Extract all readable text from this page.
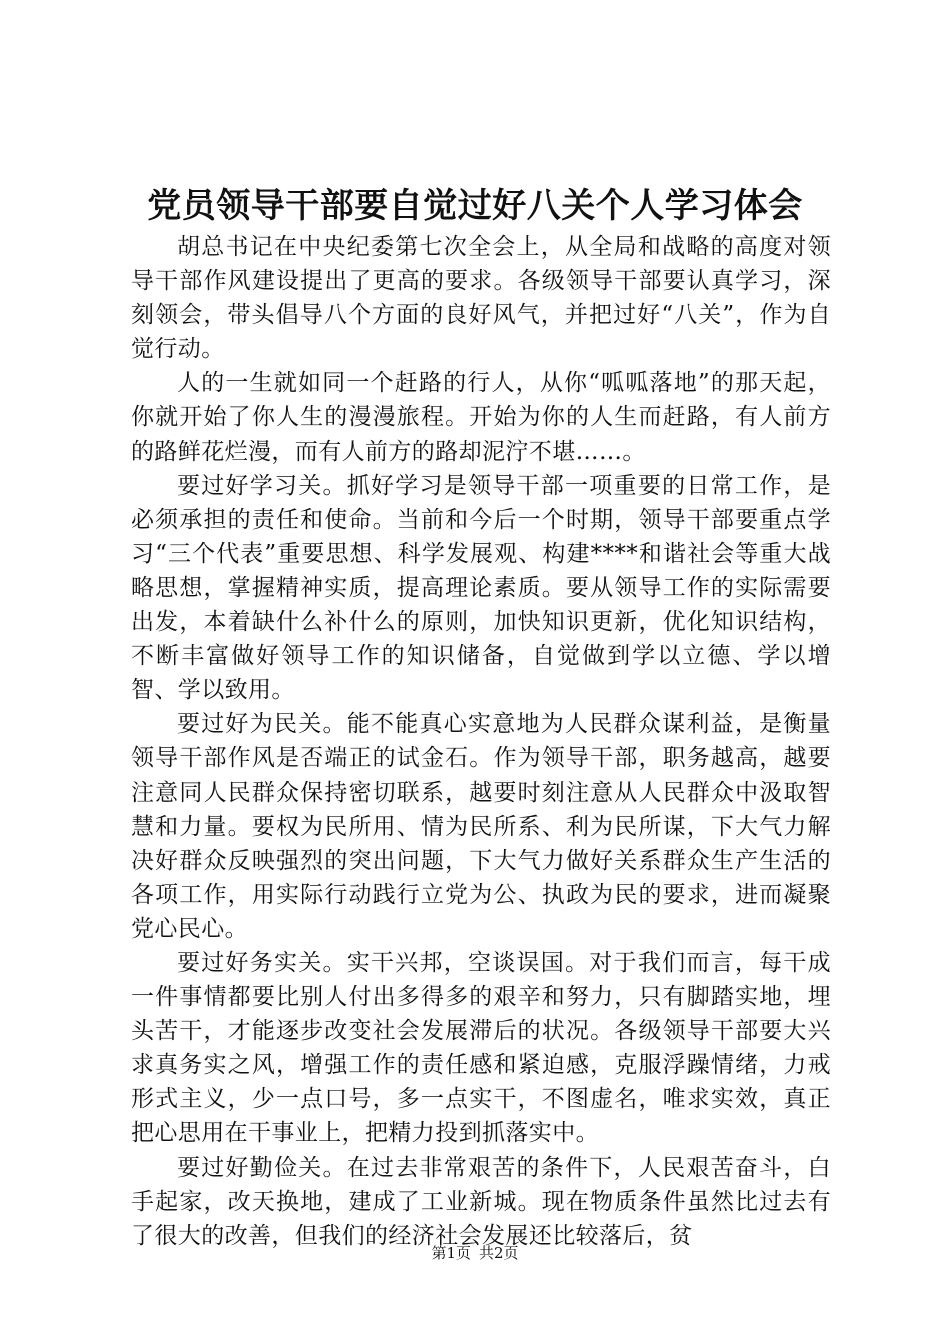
党员领导干部要自觉过好八关个人学习体会

胡总书记在中央纪委第七次全会上，从全局和战略的高度对领导干部作风建设提出了更高的要求。各级领导干部要认真学习，深刻领会，带头倡导八个方面的良好风气，并把过好“八关”，作为自觉行动。

人的一生就如同一个赶路的行人，从你“呱呱落地”的那天起，你就开始了你人生的漫漫旅程。开始为你的人生而赶路，有人前方的路鲜花烂漫，而有人前方的路却泥泞不堪……。

要过好学习关。抓好学习是领导干部一项重要的日常工作，是必须承担的责任和使命。当前和今后一个时期，领导干部要重点学习“三个代表”重要思想、科学发展观、构建****和谐社会等重大战略思想，掌握精神实质，提高理论素质。要从领导工作的实际需要出发，本着缺什么补什么的原则，加快知识更新，优化知识结构，不断丰富做好领导工作的知识储备，自觉做到学以立德、学以增智、学以致用。

要过好为民关。能不能真心实意地为人民群众谋利益，是衡量领导干部作风是否端正的试金石。作为领导干部，职务越高，越要注意同人民群众保持密切联系，越要时刻注意从人民群众中汲取智慧和力量。要权为民所用、情为民所系、利为民所谋，下大气力解决好群众反映强烈的突出问题，下大气力做好关系群众生产生活的各项工作，用实际行动践行立党为公、执政为民的要求，进而凝聚党心民心。

要过好务实关。实干兴邦，空谈误国。对于我们而言，每干成一件事情都要比别人付出多得多的艰辛和努力，只有脚踏实地，埋头苦干，才能逐步改变社会发展滞后的状况。各级领导干部要大兴求真务实之风，增强工作的责任感和紧迫感，克服浮躁情绪，力戒形式主义，少一点口号，多一点实干，不图虚名，唯求实效，真正把心思用在干事业上，把精力投到抓落实中。

要过好勤俭关。在过去非常艰苦的条件下，人民艰苦奋斗，白手起家，改天换地，建成了工业新城。现在物质条件虽然比过去有了很大的改善，但我们的经济社会发展还比较落后，贫

第1页 共2页
